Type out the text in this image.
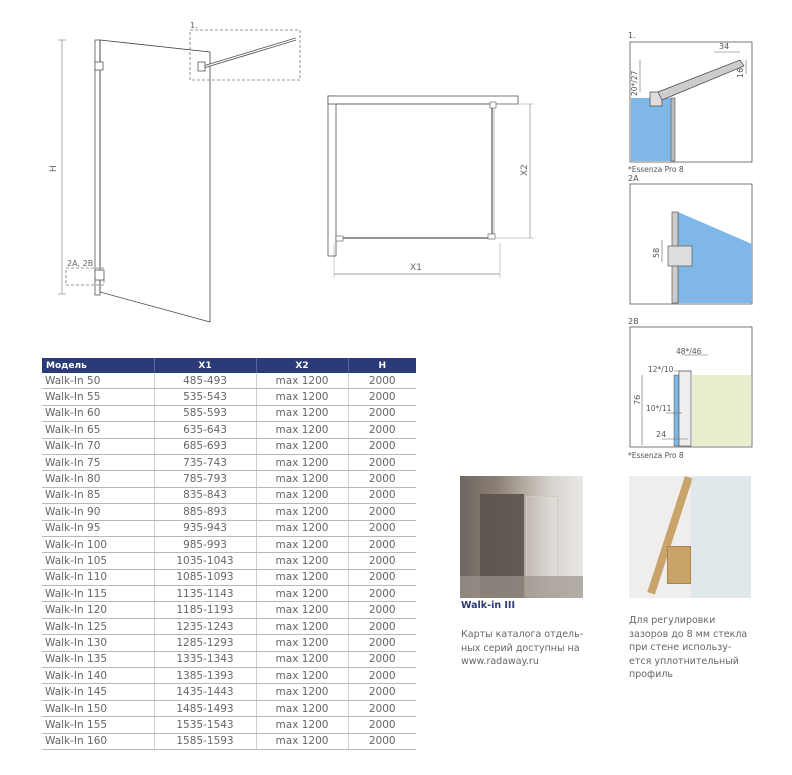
H
1.
2A, 2B
X2
X1
1.
34
16
20*/27
*Essenza Pro 8
2A
58
2B
48*/46
12*/10
76
10*/11
24
*Essenza Pro 8
Модель	X1	X2	H
Walk-In 50	485-493	max 1200	2000
Walk-In 55	535-543	max 1200	2000
Walk-In 60	585-593	max 1200	2000
Walk-In 65	635-643	max 1200	2000
Walk-In 70	685-693	max 1200	2000
Walk-In 75	735-743	max 1200	2000
Walk-In 80	785-793	max 1200	2000
Walk-In 85	835-843	max 1200	2000
Walk-In 90	885-893	max 1200	2000
Walk-In 95	935-943	max 1200	2000
Walk-In 100	985-993	max 1200	2000
Walk-In 105	1035-1043	max 1200	2000
Walk-In 110	1085-1093	max 1200	2000
Walk-In 115	1135-1143	max 1200	2000
Walk-In 120	1185-1193	max 1200	2000
Walk-In 125	1235-1243	max 1200	2000
Walk-In 130	1285-1293	max 1200	2000
Walk-In 135	1335-1343	max 1200	2000
Walk-In 140	1385-1393	max 1200	2000
Walk-In 145	1435-1443	max 1200	2000
Walk-In 150	1485-1493	max 1200	2000
Walk-In 155	1535-1543	max 1200	2000
Walk-In 160	1585-1593	max 1200	2000
Walk-in III
Карты каталога отдель-
ных серий доступны на
www.radaway.ru
Для регулировки
зазоров до 8 мм стекла
при стене использу-
ется уплотнительный
профиль
